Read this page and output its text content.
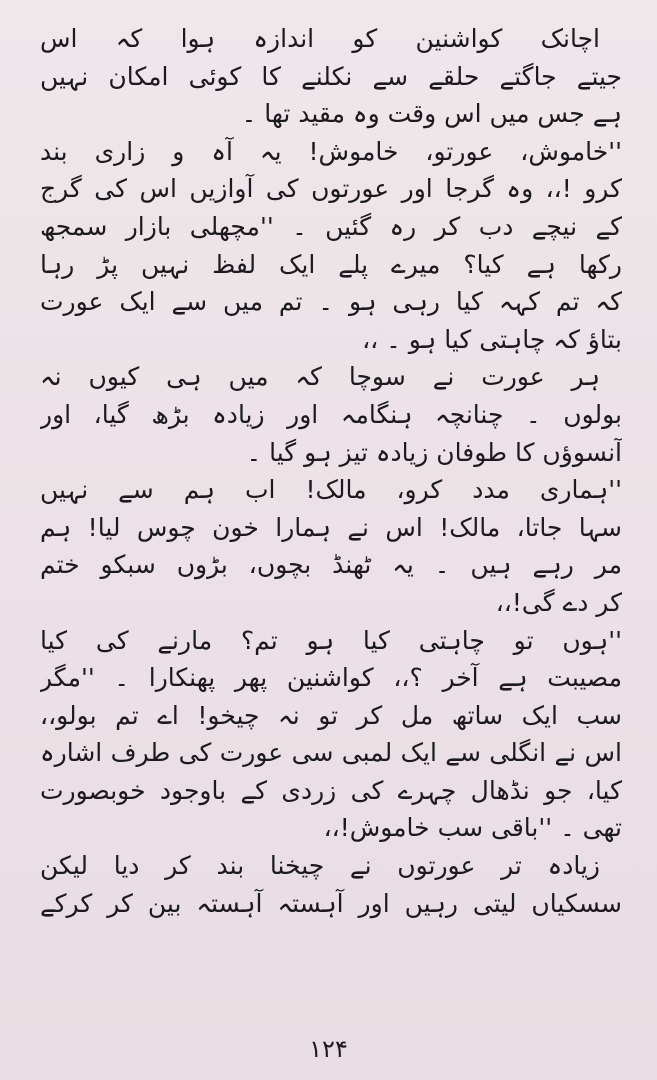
اچانک کواشنین کو اندازہ ہوا کہ اس
جیتے جاگتے حلقے سے نکلنے کا کوئی امکان نہیں
ہے جس میں اس وقت وہ مقید تھا ۔
''خاموش، عورتو، خاموش! یہ آہ و زاری بند
کرو !،، وہ گرجا اور عورتوں کی آوازیں اس کی گرج
کے نیچے دب کر رہ گئیں ۔ ''مچھلی بازار سمجھ
رکھا ہے کیا؟ میرے پلے ایک لفظ نہیں پڑ رہا
کہ تم کہہ کیا رہی ہو ۔ تم میں سے ایک عورت
بتاؤ کہ چاہتی کیا ہو ۔ ،،
ہر عورت نے سوچا کہ میں ہی کیوں نہ
بولوں ۔ چنانچہ ہنگامہ اور زیادہ بڑھ گیا، اور
آنسوؤں کا طوفان زیادہ تیز ہو گیا ۔
''ہماری مدد کرو، مالک! اب ہم سے نہیں
سہا جاتا، مالک! اس نے ہمارا خون چوس لیا! ہم
مر رہے ہیں ۔ یہ ٹھنڈ بچوں، بڑوں سبکو ختم
کر دے گی!،،
''ہوں تو چاہتی کیا ہو تم؟ مارنے کی کیا
مصیبت ہے آخر ؟،، کواشنین پھر پھنکارا ۔ ''مگر
سب ایک ساتھ مل کر تو نہ چیخو! اے تم بولو،،
اس نے انگلی سے ایک لمبی سی عورت کی طرف اشارہ
کیا، جو نڈھال چہرے کی زردی کے باوجود خوبصورت
تھی ۔ ''باقی سب خاموش!،،
زیادہ تر عورتوں نے چیخنا بند کر دیا لیکن
سسکیاں لیتی رہیں اور آہستہ آہستہ بین کر کرکے
۱۲۴
